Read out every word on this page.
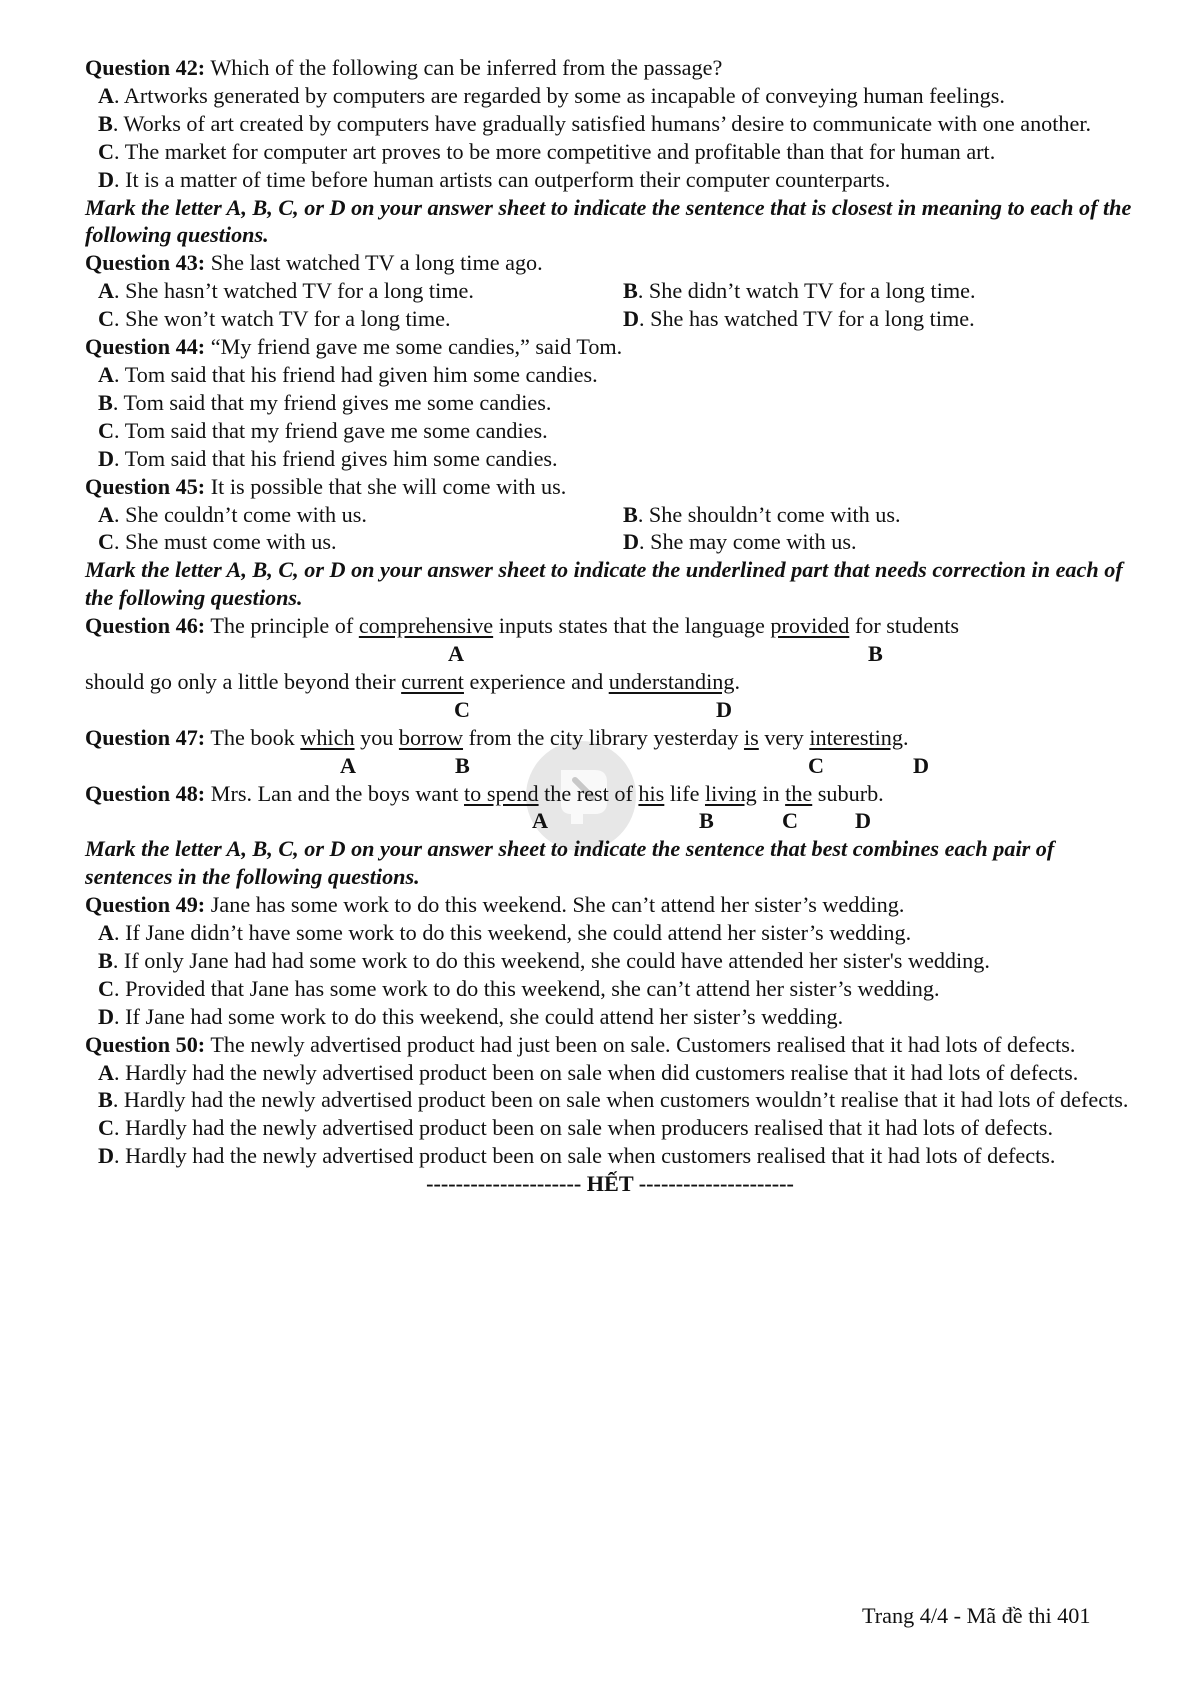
Question 42: Which of the following can be inferred from the passage?
A. Artworks generated by computers are regarded by some as incapable of conveying human feelings.
B. Works of art created by computers have gradually satisfied humans’ desire to communicate with one another.
C. The market for computer art proves to be more competitive and profitable than that for human art.
D. It is a matter of time before human artists can outperform their computer counterparts.
Mark the letter A, B, C, or D on your answer sheet to indicate the sentence that is closest in meaning to each of the following questions.
Question 43: She last watched TV a long time ago.
A. She hasn’t watched TV for a long time.	B. She didn’t watch TV for a long time.
C. She won’t watch TV for a long time.	D. She has watched TV for a long time.
Question 44: “My friend gave me some candies,” said Tom.
A. Tom said that his friend had given him some candies.
B. Tom said that my friend gives me some candies.
C. Tom said that my friend gave me some candies.
D. Tom said that his friend gives him some candies.
Question 45: It is possible that she will come with us.
A. She couldn’t come with us.	B. She shouldn’t come with us.
C. She must come with us.	D. She may come with us.
Mark the letter A, B, C, or D on your answer sheet to indicate the underlined part that needs correction in each of the following questions.
Question 46: The principle of comprehensive inputs states that the language provided for students
A	B
should go only a little beyond their current experience and understanding.
C	D
Question 47: The book which you borrow from the city library yesterday is very interesting.
A	B	C	D
Question 48: Mrs. Lan and the boys want to spend the rest of his life living in the suburb.
A	B	C	D
Mark the letter A, B, C, or D on your answer sheet to indicate the sentence that best combines each pair of sentences in the following questions.
Question 49: Jane has some work to do this weekend. She can’t attend her sister’s wedding.
A. If Jane didn’t have some work to do this weekend, she could attend her sister’s wedding.
B. If only Jane had had some work to do this weekend, she could have attended her sister's wedding.
C. Provided that Jane has some work to do this weekend, she can’t attend her sister’s wedding.
D. If Jane had some work to do this weekend, she could attend her sister’s wedding.
Question 50: The newly advertised product had just been on sale. Customers realised that it had lots of defects.
A. Hardly had the newly advertised product been on sale when did customers realise that it had lots of defects.
B. Hardly had the newly advertised product been on sale when customers wouldn’t realise that it had lots of defects.
C. Hardly had the newly advertised product been on sale when producers realised that it had lots of defects.
D. Hardly had the newly advertised product been on sale when customers realised that it had lots of defects.
--------------------- HẾT ---------------------
Trang 4/4 - Mã đề thi 401
